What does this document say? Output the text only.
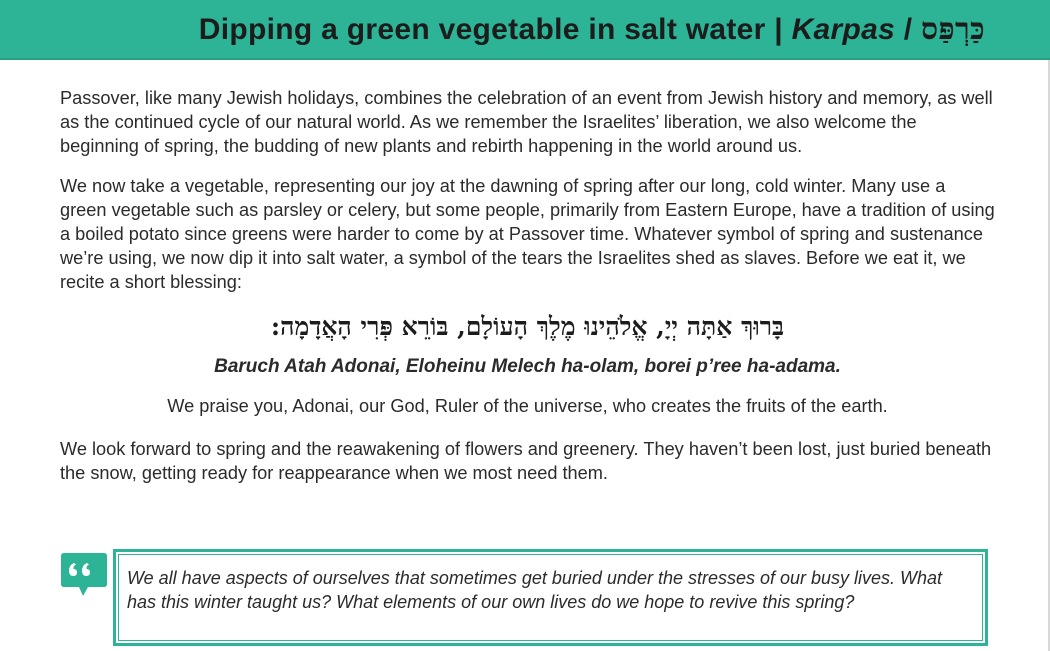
Dipping a green vegetable in salt water | Karpas / כַּרְפַּס

Passover, like many Jewish holidays, combines the celebration of an event from Jewish history and memory, as well as the continued cycle of our natural world. As we remember the Israelites’ liberation, we also welcome the beginning of spring, the budding of new plants and rebirth happening in the world around us.

We now take a vegetable, representing our joy at the dawning of spring after our long, cold winter. Many use a green vegetable such as parsley or celery, but some people, primarily from Eastern Europe, have a tradition of using a boiled potato since greens were harder to come by at Passover time. Whatever symbol of spring and sustenance we’re using, we now dip it into salt water, a symbol of the tears the Israelites shed as slaves. Before we eat it, we recite a short blessing:

בָּרוּךְ אַתָּה יְיָ, אֱלֹהֵינוּ מֶלֶךְ הָעוֹלָם, בּוֹרֵא פְּרִי הָאֲדָמָה:
Baruch Atah Adonai, Eloheinu Melech ha-olam, borei p’ree ha-adama.
We praise you, Adonai, our God, Ruler of the universe, who creates the fruits of the earth.

We look forward to spring and the reawakening of flowers and greenery. They haven’t been lost, just buried beneath the snow, getting ready for reappearance when we most need them.

We all have aspects of ourselves that sometimes get buried under the stresses of our busy lives. What has this winter taught us? What elements of our own lives do we hope to revive this spring?
